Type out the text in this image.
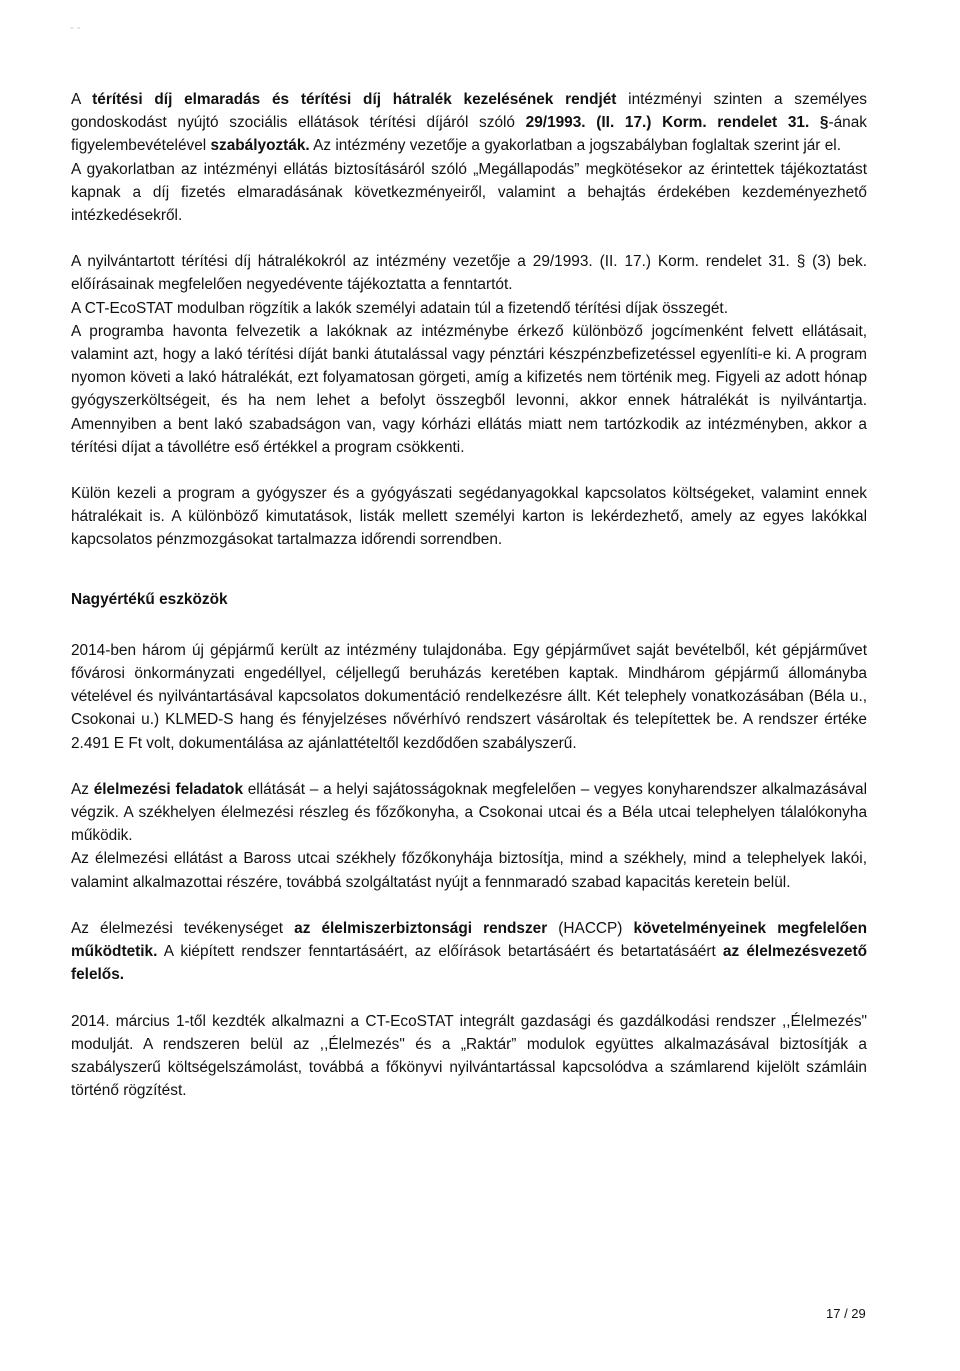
- -

A térítési díj elmaradás és térítési díj hátralék kezelésének rendjét intézményi szinten a személyes gondoskodást nyújtó szociális ellátások térítési díjáról szóló 29/1993. (II. 17.) Korm. rendelet 31. §-ának figyelembevételével szabályozták. Az intézmény vezetője a gyakorlatban a jogszabályban foglaltak szerint jár el.

A gyakorlatban az intézményi ellátás biztosításáról szóló „Megállapodás” megkötésekor az érintettek tájékoztatást kapnak a díj fizetés elmaradásának következményeiről, valamint a behajtás érdekében kezdeményezhető intézkedésekről.

A nyilvántartott térítési díj hátralékokról az intézmény vezetője a 29/1993. (II. 17.) Korm. rendelet 31. § (3) bek. előírásainak megfelelően negyedévente tájékoztatta a fenntartót.

A CT-EcoSTAT modulban rögzítik a lakók személyi adatain túl a fizetendő térítési díjak összegét.

A programba havonta felvezetik a lakóknak az intézménybe érkező különböző jogcímenként felvett ellátásait, valamint azt, hogy a lakó térítési díját banki átutalással vagy pénztári készpénzbefizetéssel egyenlíti-e ki. A program nyomon követi a lakó hátralékát, ezt folyamatosan görgeti, amíg a kifizetés nem történik meg. Figyeli az adott hónap gyógyszerköltségeit, és ha nem lehet a befolyt összegből levonni, akkor ennek hátralékát is nyilvántartja. Amennyiben a bent lakó szabadságon van, vagy kórházi ellátás miatt nem tartózkodik az intézményben, akkor a térítési díjat a távollétre eső értékkel a program csökkenti.

Külön kezeli a program a gyógyszer és a gyógyászati segédanyagokkal kapcsolatos költségeket, valamint ennek hátralékait is. A különböző kimutatások, listák mellett személyi karton is lekérdezhető, amely az egyes lakókkal kapcsolatos pénzmozgásokat tartalmazza időrendi sorrendben.

Nagyértékű eszközök

2014-ben három új gépjármű került az intézmény tulajdonába. Egy gépjárművet saját bevételből, két gépjárművet fővárosi önkormányzati engedéllyel, céljellegű beruházás keretében kaptak. Mindhárom gépjármű állományba vételével és nyilvántartásával kapcsolatos dokumentáció rendelkezésre állt. Két telephely vonatkozásában (Béla u., Csokonai u.) KLMED-S hang és fényjelzéses nővérhívó rendszert vásároltak és telepítettek be. A rendszer értéke 2.491 E Ft volt, dokumentálása az ajánlattételtől kezdődően szabályszerű.

Az élelmezési feladatok ellátását – a helyi sajátosságoknak megfelelően – vegyes konyharendszer alkalmazásával végzik. A székhelyen élelmezési részleg és főzőkonyha, a Csokonai utcai és a Béla utcai telephelyen tálalókonyha működik.

Az élelmezési ellátást a Baross utcai székhely főzőkonyhája biztosítja, mind a székhely, mind a telephelyek lakói, valamint alkalmazottai részére, továbbá szolgáltatást nyújt a fennmaradó szabad kapacitás keretein belül.

Az élelmezési tevékenységet az élelmiszerbiztonsági rendszer (HACCP) követelményeinek megfelelően működtetik. A kiépített rendszer fenntartásáért, az előírások betartásáért és betartatásáért az élelmezésvezető felelős.

2014. március 1-től kezdték alkalmazni a CT-EcoSTAT integrált gazdasági és gazdálkodási rendszer ,,Élelmezés" modulját. A rendszeren belül az ,,Élelmezés" és a „Raktár” modulok együttes alkalmazásával biztosítják a szabályszerű költségelszámolást, továbbá a főkönyvi nyilvántartással kapcsolódva a számlarend kijelölt számláin történő rögzítést.

17 / 29
